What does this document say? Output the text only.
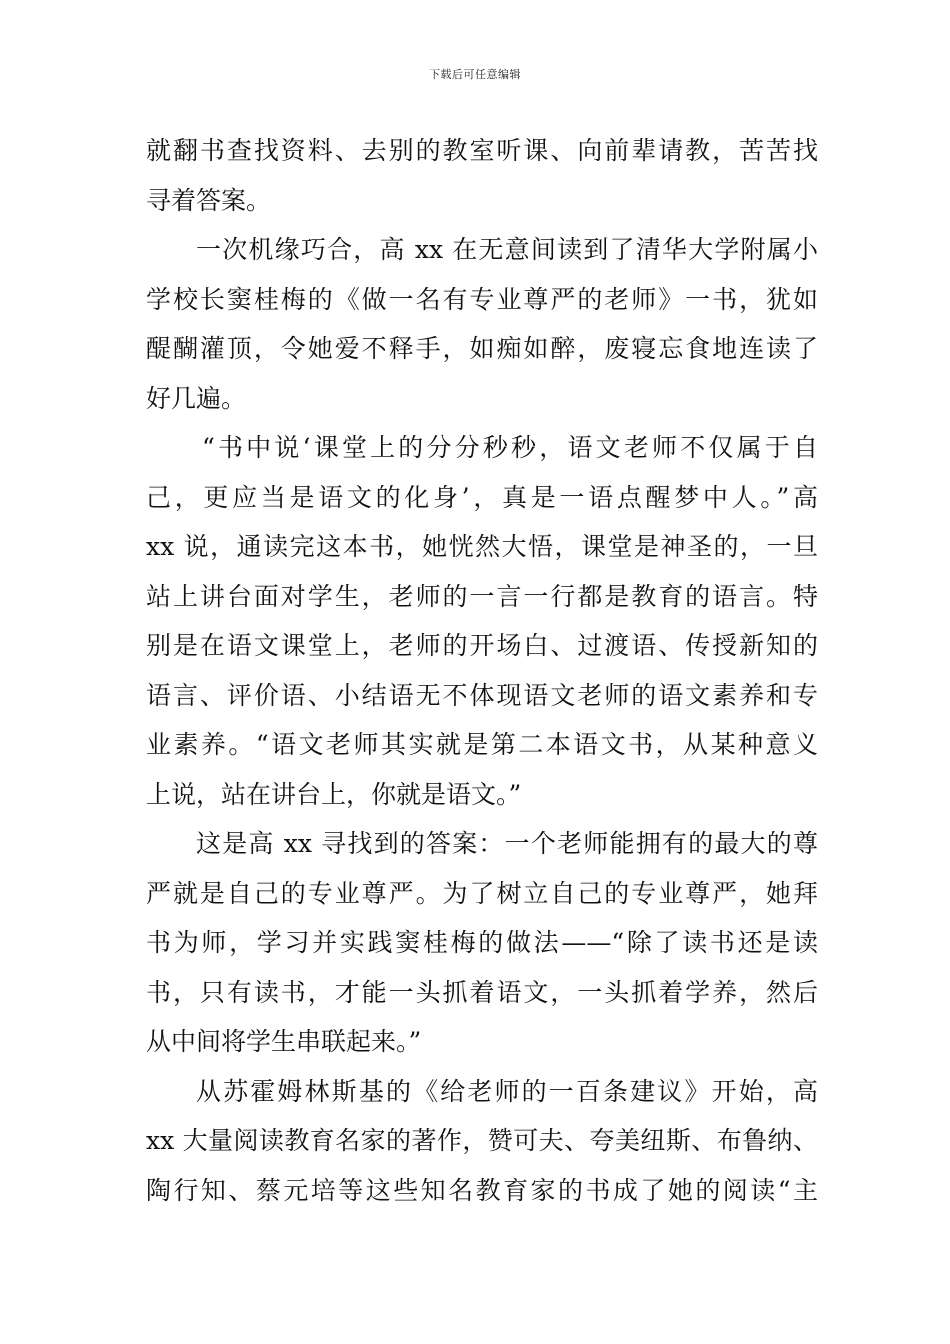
下载后可任意编辑
就翻书查找资料、去别的教室听课、向前辈请教，苦苦找
寻着答案。
一次机缘巧合，高 xx 在无意间读到了清华大学附属小
学校长窦桂梅的《做一名有专业尊严的老师》一书，犹如
醍醐灌顶，令她爱不释手，如痴如醉，废寝忘食地连读了
好几遍。
“书中说‘课堂上的分分秒秒，语文老师不仅属于自
己，更应当是语文的化身’，真是一语点醒梦中人。”高
xx 说，通读完这本书，她恍然大悟，课堂是神圣的，一旦
站上讲台面对学生，老师的一言一行都是教育的语言。特
别是在语文课堂上，老师的开场白、过渡语、传授新知的
语言、评价语、小结语无不体现语文老师的语文素养和专
业素养。“语文老师其实就是第二本语文书，从某种意义
上说，站在讲台上，你就是语文。”
这是高 xx 寻找到的答案：一个老师能拥有的最大的尊
严就是自己的专业尊严。为了树立自己的专业尊严，她拜
书为师，学习并实践窦桂梅的做法——“除了读书还是读
书，只有读书，才能一头抓着语文，一头抓着学养，然后
从中间将学生串联起来。”
从苏霍姆林斯基的《给老师的一百条建议》开始，高
xx 大量阅读教育名家的著作，赞可夫、夸美纽斯、布鲁纳、
陶行知、蔡元培等这些知名教育家的书成了她的阅读“主
